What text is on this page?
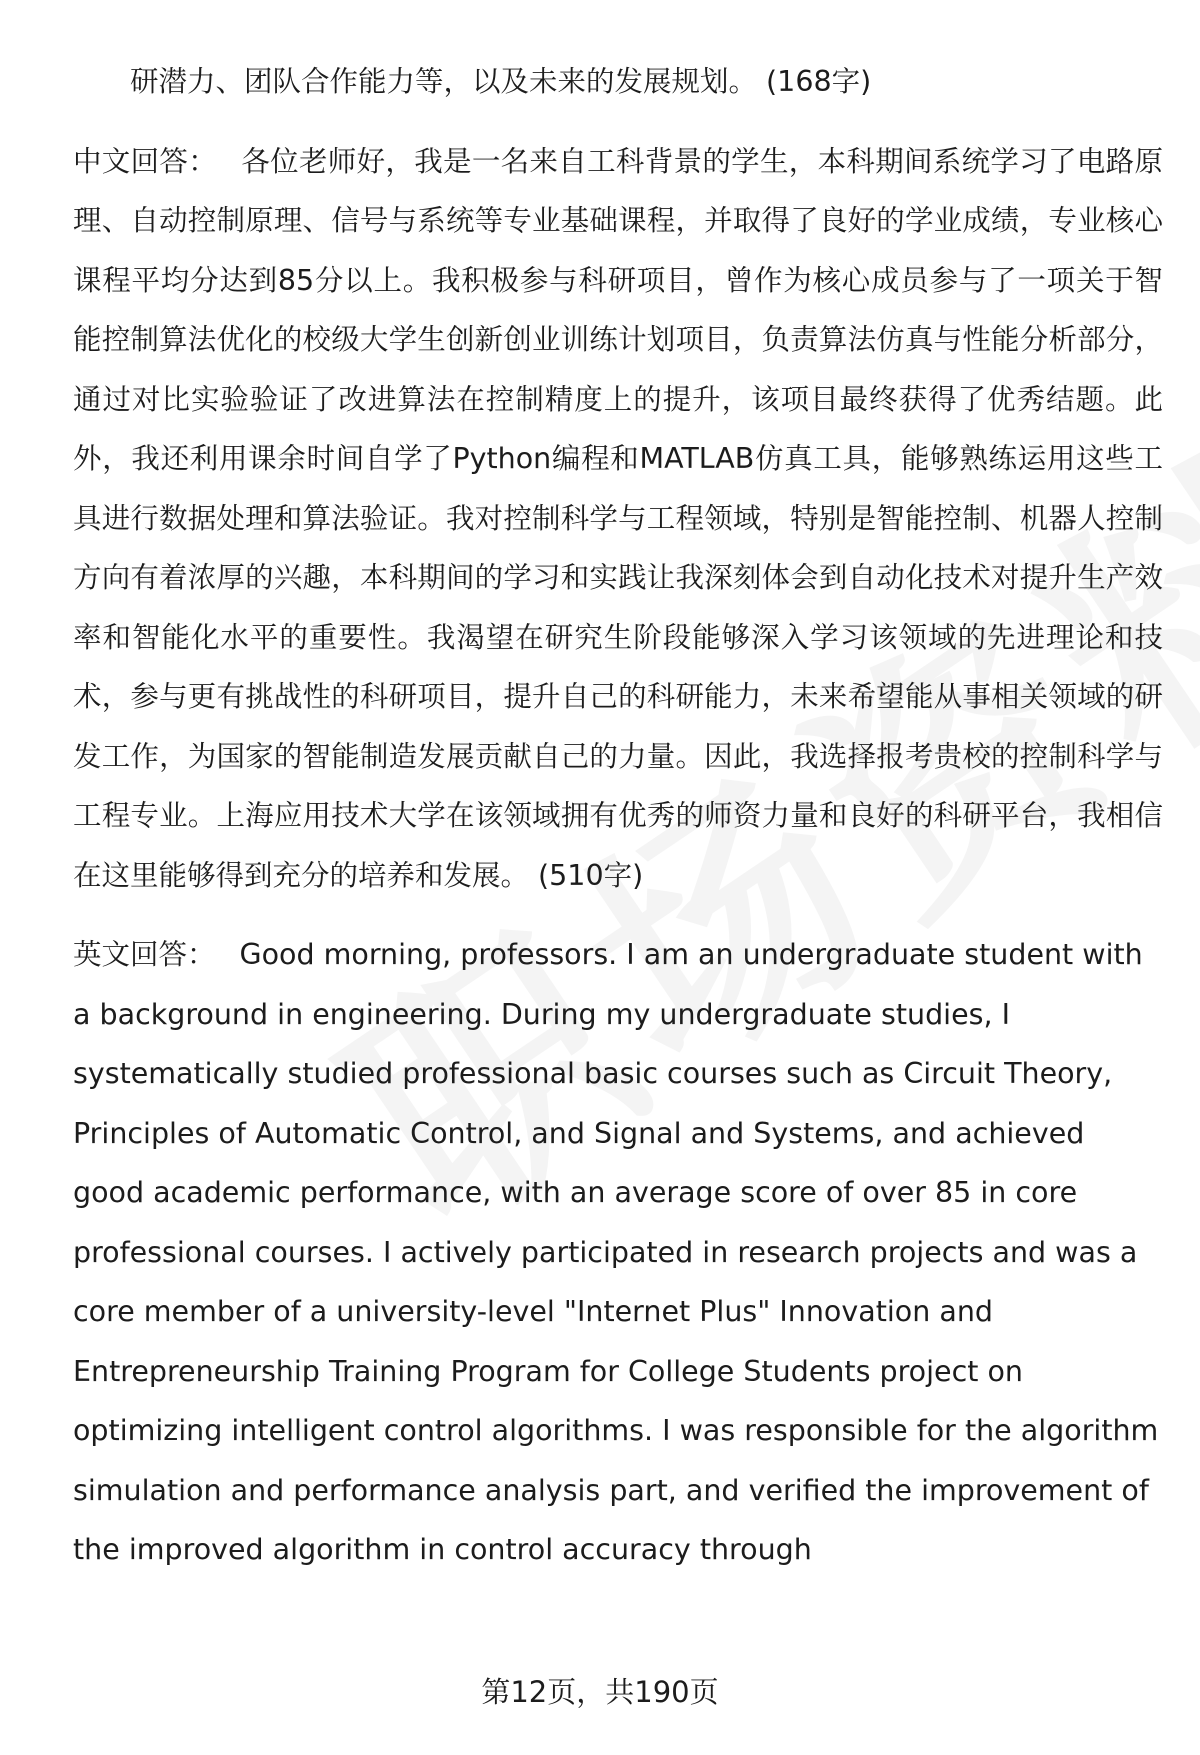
研潜力、团队合作能力等，以及未来的发展规划。 (168字)

中文回答： 各位老师好，我是一名来自工科背景的学生，本科期间系统学习了电路原理、自动控制原理、信号与系统等专业基础课程，并取得了良好的学业成绩，专业核心课程平均分达到85分以上。我积极参与科研项目，曾作为核心成员参与了一项关于智能控制算法优化的校级大学生创新创业训练计划项目，负责算法仿真与性能分析部分，通过对比实验验证了改进算法在控制精度上的提升，该项目最终获得了优秀结题。此外，我还利用课余时间自学了Python编程和MATLAB仿真工具，能够熟练运用这些工具进行数据处理和算法验证。我对控制科学与工程领域，特别是智能控制、机器人控制方向有着浓厚的兴趣，本科期间的学习和实践让我深刻体会到自动化技术对提升生产效率和智能化水平的重要性。我渴望在研究生阶段能够深入学习该领域的先进理论和技术，参与更有挑战性的科研项目，提升自己的科研能力，未来希望能从事相关领域的研发工作，为国家的智能制造发展贡献自己的力量。因此，我选择报考贵校的控制科学与工程专业。上海应用技术大学在该领域拥有优秀的师资力量和良好的科研平台，我相信在这里能够得到充分的培养和发展。 (510字)

英文回答： Good morning, professors. I am an undergraduate student with a background in engineering. During my undergraduate studies, I systematically studied professional basic courses such as Circuit Theory, Principles of Automatic Control, and Signal and Systems, and achieved good academic performance, with an average score of over 85 in core professional courses. I actively participated in research projects and was a core member of a university-level "Internet Plus" Innovation and Entrepreneurship Training Program for College Students project on optimizing intelligent control algorithms. I was responsible for the algorithm simulation and performance analysis part, and verified the improvement of the improved algorithm in control accuracy through

第12页，共190页
